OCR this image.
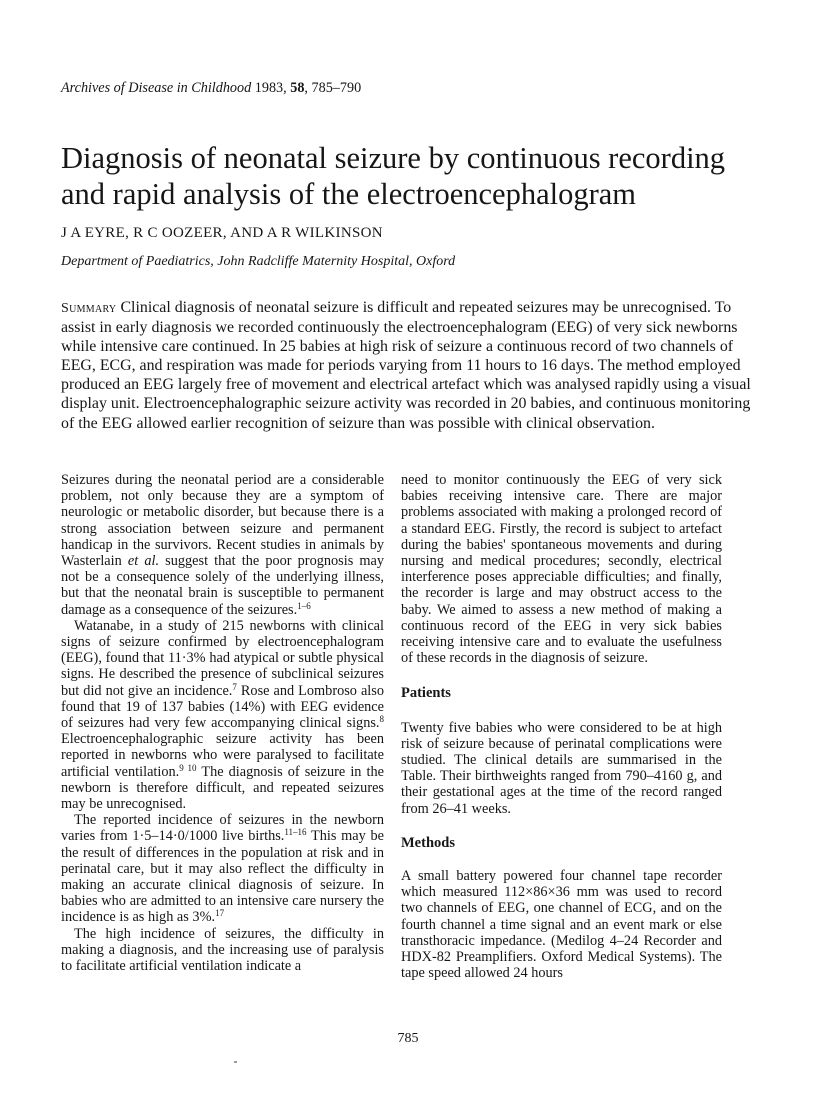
Archives of Disease in Childhood 1983, 58, 785–790
Diagnosis of neonatal seizure by continuous recording and rapid analysis of the electroencephalogram
J A EYRE, R C OOZEER, AND A R WILKINSON
Department of Paediatrics, John Radcliffe Maternity Hospital, Oxford
Summary Clinical diagnosis of neonatal seizure is difficult and repeated seizures may be unrecognised. To assist in early diagnosis we recorded continuously the electroencephalogram (EEG) of very sick newborns while intensive care continued. In 25 babies at high risk of seizure a continuous record of two channels of EEG, ECG, and respiration was made for periods varying from 11 hours to 16 days. The method employed produced an EEG largely free of movement and electrical artefact which was analysed rapidly using a visual display unit. Electroencephalographic seizure activity was recorded in 20 babies, and continuous monitoring of the EEG allowed earlier recognition of seizure than was possible with clinical observation.

Seizures during the neonatal period are a considerable problem, not only because they are a symptom of neurologic or metabolic disorder, but because there is a strong association between seizure and permanent handicap in the survivors. Recent studies in animals by Wasterlain et al. suggest that the poor prognosis may not be a consequence solely of the underlying illness, but that the neonatal brain is susceptible to permanent damage as a consequence of the seizures.$^{1-6}$

Watanabe, in a study of 215 newborns with clinical signs of seizure confirmed by electroencephalogram (EEG), found that 11·3% had atypical or subtle physical signs. He described the presence of subclinical seizures but did not give an incidence.$^7$ Rose and Lombroso also found that 19 of 137 babies (14%) with EEG evidence of seizures had very few accompanying clinical signs.$^8$ Electroencephalographic seizure activity has been reported in newborns who were paralysed to facilitate artificial ventilation.$^{9 10}$ The diagnosis of seizure in the newborn is therefore difficult, and repeated seizures may be unrecognised.

The reported incidence of seizures in the newborn varies from 1·5–14·0/1000 live births.$^{11-16}$ This may be the result of differences in the population at risk and in perinatal care, but it may also reflect the difficulty in making an accurate clinical diagnosis of seizure. In babies who are admitted to an intensive care nursery the incidence is as high as 3%.$^{17}$

The high incidence of seizures, the difficulty in making a diagnosis, and the increasing use of paralysis to facilitate artificial ventilation indicate a

need to monitor continuously the EEG of very sick babies receiving intensive care. There are major problems associated with making a prolonged record of a standard EEG. Firstly, the record is subject to artefact during the babies' spontaneous movements and during nursing and medical procedures; secondly, electrical interference poses appreciable difficulties; and finally, the recorder is large and may obstruct access to the baby. We aimed to assess a new method of making a continuous record of the EEG in very sick babies receiving intensive care and to evaluate the usefulness of these records in the diagnosis of seizure.

Patients

Twenty five babies who were considered to be at high risk of seizure because of perinatal complications were studied. The clinical details are summarised in the Table. Their birthweights ranged from 790–4160 g, and their gestational ages at the time of the record ranged from 26–41 weeks.

Methods

A small battery powered four channel tape recorder which measured 112×86×36 mm was used to record two channels of EEG, one channel of ECG, and on the fourth channel a time signal and an event mark or else transthoracic impedance. (Medilog 4–24 Recorder and HDX-82 Preamplifiers. Oxford Medical Systems). The tape speed allowed 24 hours

785
